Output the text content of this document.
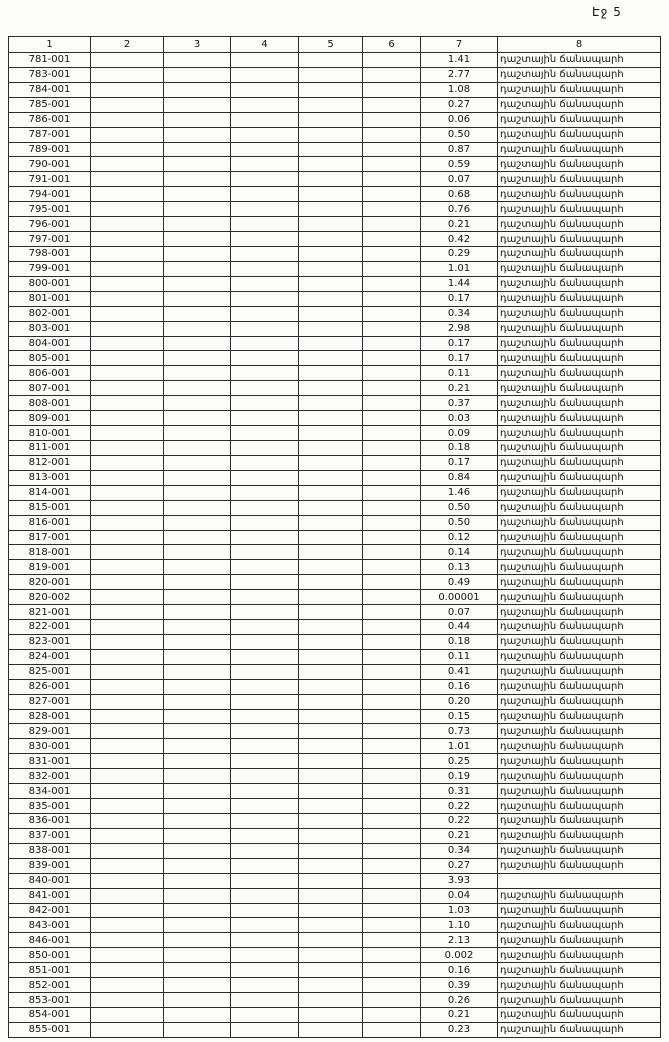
Էջ 5
1	2	3	4	5	6	7	8
781-001						1.41	դաշտային ճանապարհ
783-001						2.77	դաշտային ճանապարհ
784-001						1.08	դաշտային ճանապարհ
785-001						0.27	դաշտային ճանապարհ
786-001						0.06	դաշտային ճանապարհ
787-001						0.50	դաշտային ճանապարհ
789-001						0.87	դաշտային ճանապարհ
790-001						0.59	դաշտային ճանապարհ
791-001						0.07	դաշտային ճանապարհ
794-001						0.68	դաշտային ճանապարհ
795-001						0.76	դաշտային ճանապարհ
796-001						0.21	դաշտային ճանապարհ
797-001						0.42	դաշտային ճանապարհ
798-001						0.29	դաշտային ճանապարհ
799-001						1.01	դաշտային ճանապարհ
800-001						1.44	դաշտային ճանապարհ
801-001						0.17	դաշտային ճանապարհ
802-001						0.34	դաշտային ճանապարհ
803-001						2.98	դաշտային ճանապարհ
804-001						0.17	դաշտային ճանապարհ
805-001						0.17	դաշտային ճանապարհ
806-001						0.11	դաշտային ճանապարհ
807-001						0.21	դաշտային ճանապարհ
808-001						0.37	դաշտային ճանապարհ
809-001						0.03	դաշտային ճանապարհ
810-001						0.09	դաշտային ճանապարհ
811-001						0.18	դաշտային ճանապարհ
812-001						0.17	դաշտային ճանապարհ
813-001						0.84	դաշտային ճանապարհ
814-001						1.46	դաշտային ճանապարհ
815-001						0.50	դաշտային ճանապարհ
816-001						0.50	դաշտային ճանապարհ
817-001						0.12	դաշտային ճանապարհ
818-001						0.14	դաշտային ճանապարհ
819-001						0.13	դաշտային ճանապարհ
820-001						0.49	դաշտային ճանապարհ
820-002						0.00001	դաշտային ճանապարհ
821-001						0.07	դաշտային ճանապարհ
822-001						0.44	դաշտային ճանապարհ
823-001						0.18	դաշտային ճանապարհ
824-001						0.11	դաշտային ճանապարհ
825-001						0.41	դաշտային ճանապարհ
826-001						0.16	դաշտային ճանապարհ
827-001						0.20	դաշտային ճանապարհ
828-001						0.15	դաշտային ճանապարհ
829-001						0.73	դաշտային ճանապարհ
830-001						1.01	դաշտային ճանապարհ
831-001						0.25	դաշտային ճանապարհ
832-001						0.19	դաշտային ճանապարհ
834-001						0.31	դաշտային ճանապարհ
835-001						0.22	դաշտային ճանապարհ
836-001						0.22	դաշտային ճանապարհ
837-001						0.21	դաշտային ճանապարհ
838-001						0.34	դաշտային ճանապարհ
839-001						0.27	դաշտային ճանապարհ
840-001						3.93	
841-001						0.04	դաշտային ճանապարհ
842-001						1.03	դաշտային ճանապարհ
843-001						1.10	դաշտային ճանապարհ
846-001						2.13	դաշտային ճանապարհ
850-001						0.002	դաշտային ճանապարհ
851-001						0.16	դաշտային ճանապարհ
852-001						0.39	դաշտային ճանապարհ
853-001						0.26	դաշտային ճանապարհ
854-001						0.21	դաշտային ճանապարհ
855-001						0.23	դաշտային ճանապարհ
